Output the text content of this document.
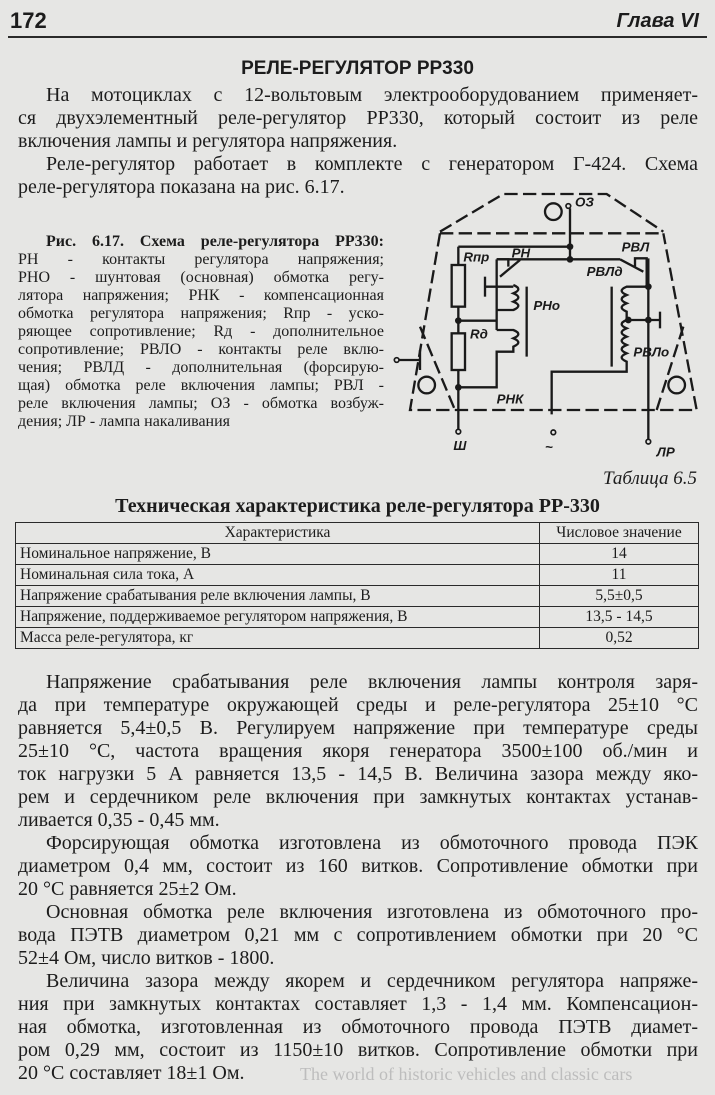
172	Глава VI
РЕЛЕ-РЕГУЛЯТОР РР330
На мотоциклах с 12-вольтовым электрооборудованием применяет-
ся двухэлементный реле-регулятор РР330, который состоит из реле
включения лампы и регулятора напряжения.
Реле-регулятор работает в комплекте с генератором Г-424. Схема
реле-регулятора показана на рис. 6.17.
Рис. 6.17. Схема реле-регулятора РР330:
РН - контакты регулятора напряжения;
РНО - шунтовая (основная) обмотка регу-
лятора напряжения; РНК - компенсационная
обмотка регулятора напряжения; Rпр - уско-
ряющее сопротивление; Rд - дополнительное
сопротивление; РВЛО - контакты реле вклю-
чения; РВЛД - дополнительная (форсирую-
щая) обмотка реле включения лампы; РВЛ -
реле включения лампы; ОЗ - обмотка возбуж-
дения; ЛР - лампа накаливания
ОЗ
Rпр РН РВЛ
РВЛд
РНо
Rд
РВЛо
РНК
Ш ~	ЛР
Таблица 6.5
Техническая характеристика реле-регулятора РР-330
Характеристика	Числовое значение
Номинальное напряжение, В	14
Номинальная сила тока, А	11
Напряжение срабатывания реле включения лампы, В	5,5±0,5
Напряжение, поддерживаемое регулятором напряжения, В	13,5 - 14,5
Масса реле-регулятора, кг	0,52
Напряжение срабатывания реле включения лампы контроля заря-
да при температуре окружающей среды и реле-регулятора 25±10 °С
равняется 5,4±0,5 В. Регулируем напряжение при температуре среды
25±10 °С, частота вращения якоря генератора 3500±100 об./мин и
ток нагрузки 5 А равняется 13,5 - 14,5 В. Величина зазора между яко-
рем и сердечником реле включения при замкнутых контактах устанав-
ливается 0,35 - 0,45 мм.
Форсирующая обмотка изготовлена из обмоточного провода ПЭК
диаметром 0,4 мм, состоит из 160 витков. Сопротивление обмотки при
20 °С равняется 25±2 Ом.
Основная обмотка реле включения изготовлена из обмоточного про-
вода ПЭТВ диаметром 0,21 мм с сопротивлением обмотки при 20 °С
52±4 Ом, число витков - 1800.
Величина зазора между якорем и сердечником регулятора напряже-
ния при замкнутых контактах составляет 1,3 - 1,4 мм. Компенсацион-
ная обмотка, изготовленная из обмоточного провода ПЭТВ диамет-
ром 0,29 мм, состоит из 1150±10 витков. Сопротивление обмотки при
20 °С составляет 18±1 Ом.	The world of historic vehicles and classic cars
